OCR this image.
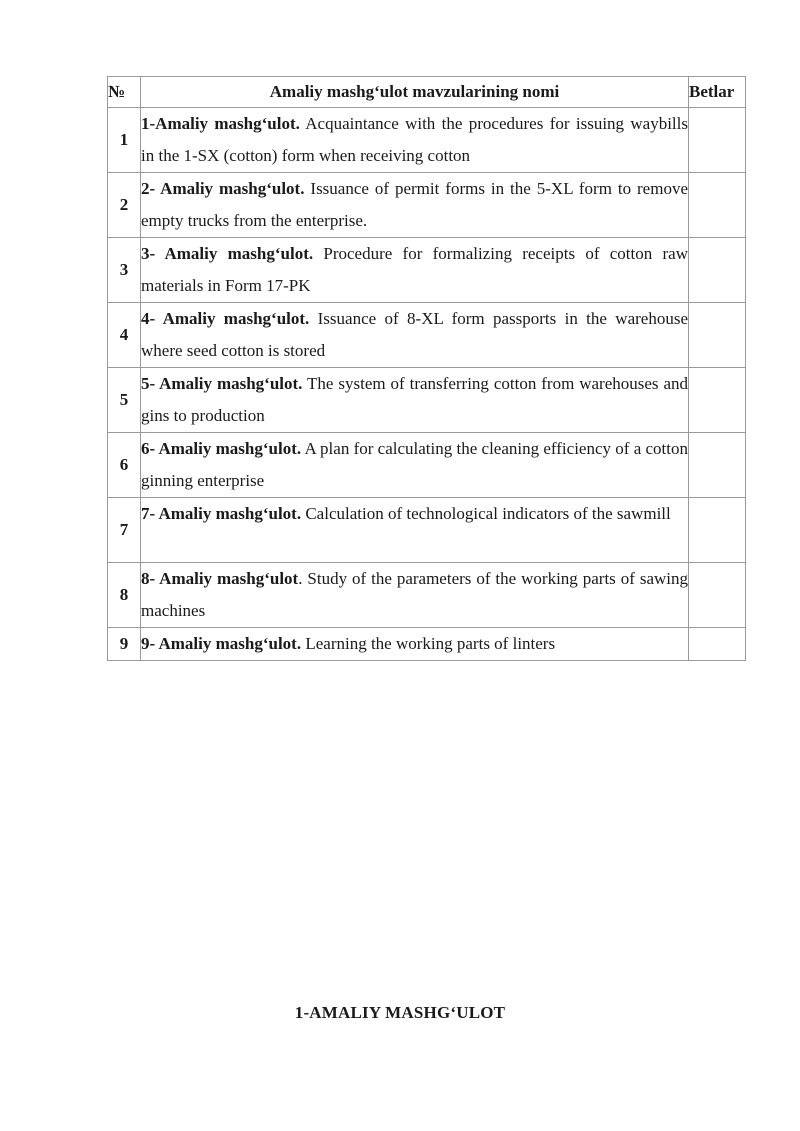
№	Amaliy mashg‘ulot mavzularining nomi	Betlar
1	1-Amaliy mashg‘ulot. Acquaintance with the procedures for issuing waybills in the 1-SX (cotton) form when receiving cotton	
2	2- Amaliy mashg‘ulot. Issuance of permit forms in the 5-XL form to remove empty trucks from the enterprise.	
3	3- Amaliy mashg‘ulot. Procedure for formalizing receipts of cotton raw materials in Form 17-PK	
4	4- Amaliy mashg‘ulot. Issuance of 8-XL form passports in the warehouse where seed cotton is stored	
5	5- Amaliy mashg‘ulot. The system of transferring cotton from warehouses and gins to production	
6	6- Amaliy mashg‘ulot. A plan for calculating the cleaning efficiency of a cotton ginning enterprise	
7	7- Amaliy mashg‘ulot. Calculation of technological indicators of the sawmill	
8	8- Amaliy mashg‘ulot. Study of the parameters of the working parts of sawing machines	
9	9- Amaliy mashg‘ulot. Learning the working parts of linters	
1-AMALIY MASHG‘ULOT
